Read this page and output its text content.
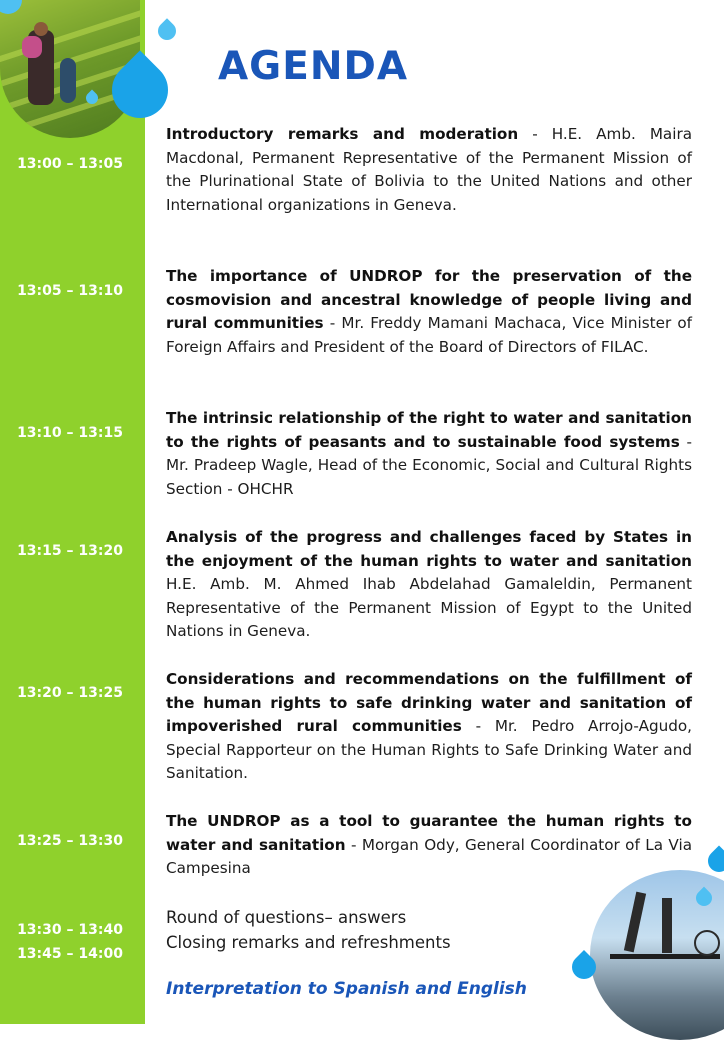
AGENDA
13:00 – 13:05
13:05 – 13:10
13:10 – 13:15
13:15 – 13:20
13:20 – 13:25
13:25 – 13:30
13:30 – 13:40
13:45 – 14:00
Introductory remarks and moderation - H.E. Amb. Maira Macdonal, Permanent Representative of the Permanent Mission of the Plurinational State of Bolivia to the United Nations and other International organizations in Geneva.
The importance of UNDROP for the preservation of the cosmovision and ancestral knowledge of people living and rural communities - Mr. Freddy Mamani Machaca, Vice Minister of Foreign Affairs and President of the Board of Directors of FILAC.
The intrinsic relationship of the right to water and sanitation to the rights of peasants and to sustainable food systems - Mr. Pradeep Wagle, Head of the Economic, Social and Cultural Rights Section - OHCHR
Analysis of the progress and challenges faced by States in the enjoyment of the human rights to water and sanitation H.E. Amb. M. Ahmed Ihab Abdelahad Gamaleldin, Permanent Representative of the Permanent Mission of Egypt to the United Nations in Geneva.
Considerations and recommendations on the fulfillment of the human rights to safe drinking water and sanitation of impoverished rural communities - Mr. Pedro Arrojo-Agudo, Special Rapporteur on the Human Rights to Safe Drinking Water and Sanitation.
The UNDROP as a tool to guarantee the human rights to water and sanitation - Morgan Ody, General Coordinator of La Via Campesina
Round of questions– answers
Closing remarks and refreshments
Interpretation to Spanish and English
